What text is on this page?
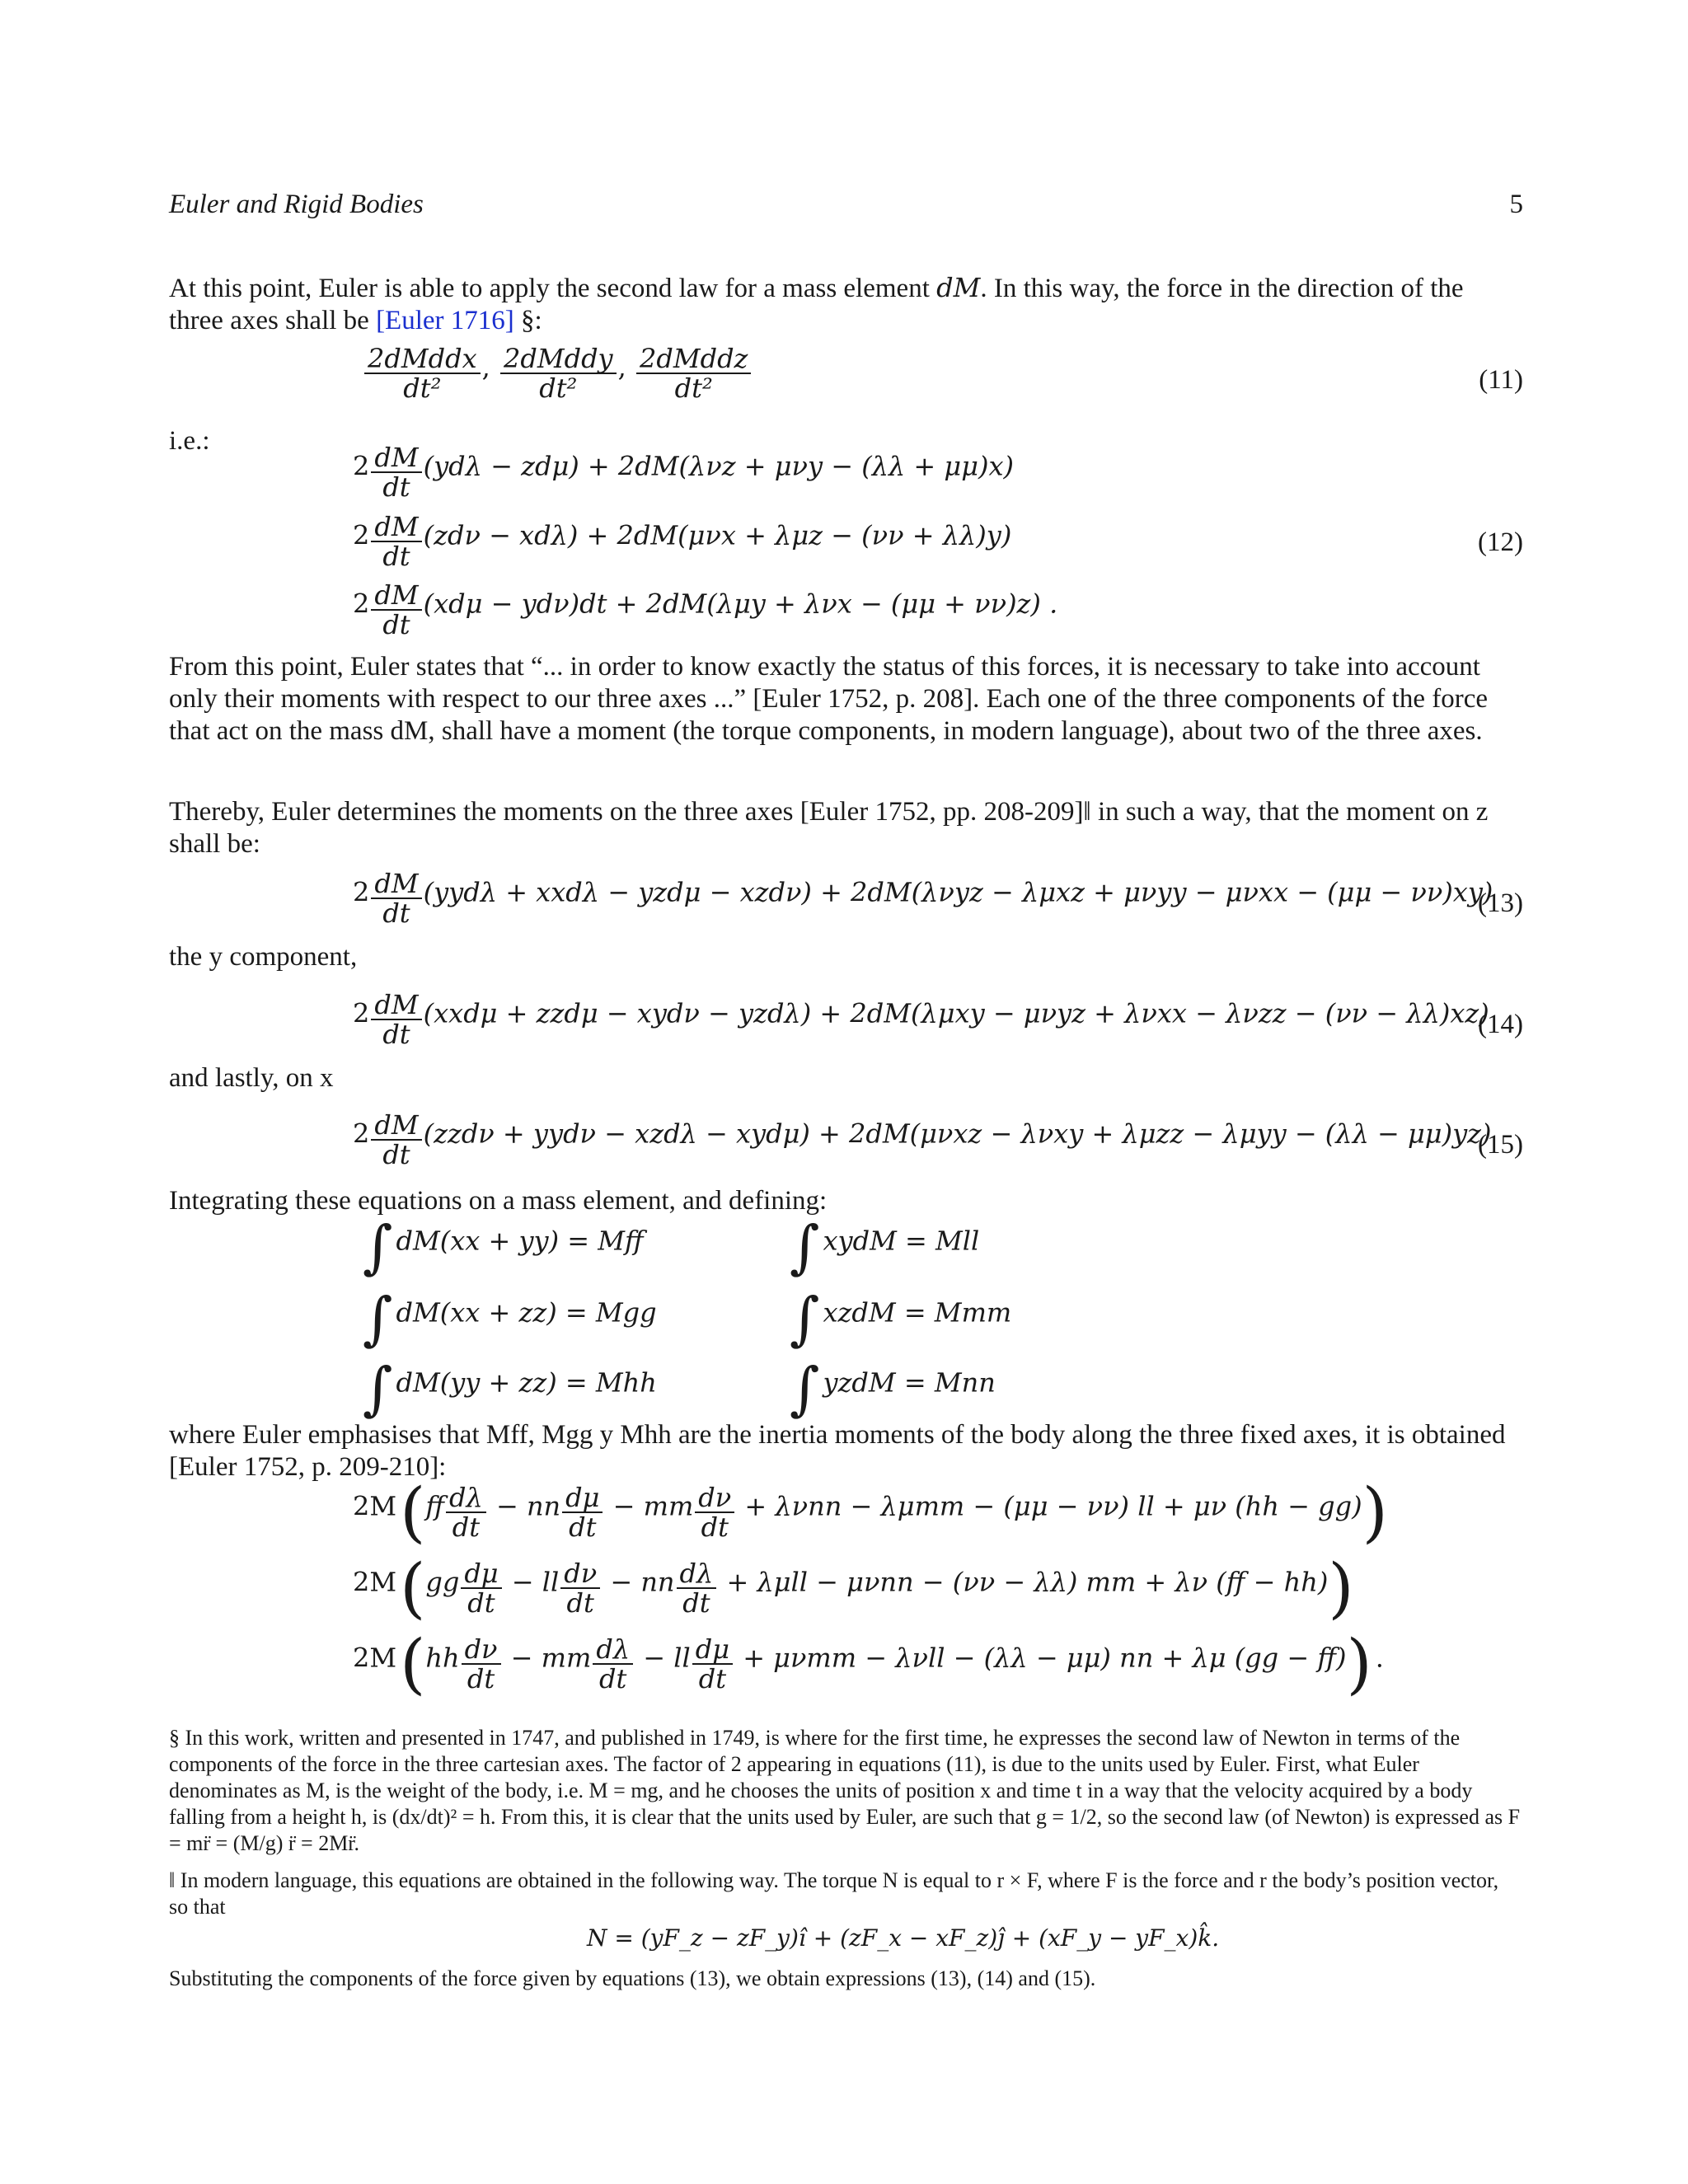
Euler and Rigid Bodies	5
At this point, Euler is able to apply the second law for a mass element dM. In this way, the force in the direction of the three axes shall be [Euler 1716] §:
$\frac{\text{2dMddx}}{\text{dt²}}$ , $\frac{\text{2dMddy}}{\text{dt²}}$ , $\frac{\text{2dMddz}}{\text{dt²}}$	(11)
i.e.:
$2 \frac{dM}{dt} (yd\lambda - zd\mu) + 2dM(\lambda\nu z + \mu\nu y - (\lambda\lambda + \mu\mu)x)$
$2 \frac{dM}{dt} (zd\nu - xd\lambda) + 2dM(\mu\nu x + \lambda\mu z - (\nu\nu + \lambda\lambda)y)$
$2 \frac{dM}{dt} (xd\mu - yd\nu)dt + 2dM(\lambda\mu y + \lambda\nu x - (\mu\mu + \nu\nu)z)$ .
(12)
From this point, Euler states that “... in order to know exactly the status of this forces, it is necessary to take into account only their moments with respect to our three axes ...” [Euler 1752, p. 208]. Each one of the three components of the force that act on the mass dM, shall have a moment (the torque components, in modern language), about two of the three axes.
Thereby, Euler determines the moments on the three axes [Euler 1752, pp. 208-209]‖ in such a way, that the moment on z shall be:
$2 \frac{dM}{dt} (yyd\lambda + xxd\lambda - yzd\mu - xzd\nu) + 2dM(\lambda\nu yz - \lambda\mu xz + \mu\nu yy - \mu\nu xx - (\mu\mu - \nu\nu)xy)$
(13)
the y component,
$2 \frac{dM}{dt} (xxd\mu + zzd\mu - xyd\nu - yzd\lambda) + 2dM(\lambda\mu xy - \mu\nu yz + \lambda\nu xx - \lambda\nu zz - (\nu\nu - \lambda\lambda)xz)$
(14)
and lastly, on x
$2 \frac{dM}{dt} (zzd\nu + yyd\nu - xzd\lambda - xyd\mu) + 2dM(\mu\nu xz - \lambda\nu xy + \lambda\mu zz - \lambda\mu yy - (\lambda\lambda - \mu\mu)yz)$
(15)
Integrating these equations on a mass element, and defining:
∫ dM(xx + yy) = Mff
∫ dM(xx + zz) = Mgg
∫ dM(yy + zz) = Mhh
∫ xydM = Mll
∫ xzdM = Mmm
∫ yzdM = Mnn
where Euler emphasises that Mff, Mgg y Mhh are the inertia moments of the body along the three fixed axes, it is obtained [Euler 1752, p. 209-210]:
2M ($ff \frac{d\lambda}{dt}$ − nn $\frac{d\mu}{dt}$ − mm $\frac{d\nu}{dt} + \lambda\nu nn - \lambda\mu mm - (\mu\mu - \nu\nu)$ ll + μν (hh − gg))
2M ($gg \frac{d\mu}{dt}$ − ll $\frac{d\nu}{dt}$ − nn $\frac{d\lambda}{dt} + \lambda\mu ll - \mu\nu nn - (\nu\nu - \lambda\lambda)$ mm + λν (ff − hh))
2M ($hh \frac{d\nu}{dt}$ − mm $\frac{d\lambda}{dt}$ − ll $\frac{d\mu}{dt} + \mu\nu mm - \lambda\nu ll - (\lambda\lambda - \mu\mu)$ nn + λμ (gg − ff)) .
§ In this work, written and presented in 1747, and published in 1749, is where for the first time, he expresses the second law of Newton in terms of the components of the force in the three cartesian axes. The factor of 2 appearing in equations (11), is due to the units used by Euler. First, what Euler denominates as M, is the weight of the body, i.e. M = mg, and he chooses the units of position x and time t in a way that the velocity acquired by a body falling from a height h, is (dx/dt)² = h. From this, it is clear that the units used by Euler, are such that g = 1/2, so the second law (of Newton) is expressed as F = mr̈ = (M/g) r̈ = 2Mr̈.
‖ In modern language, this equations are obtained in the following way. The torque N is equal to r × F, where F is the force and r the body’s position vector, so that
N = (yF_z − zF_y)î + (zF_x − xF_z)ĵ + (xF_y − yF_x)k̂.
Substituting the components of the force given by equations (13), we obtain expressions (13), (14) and (15).
